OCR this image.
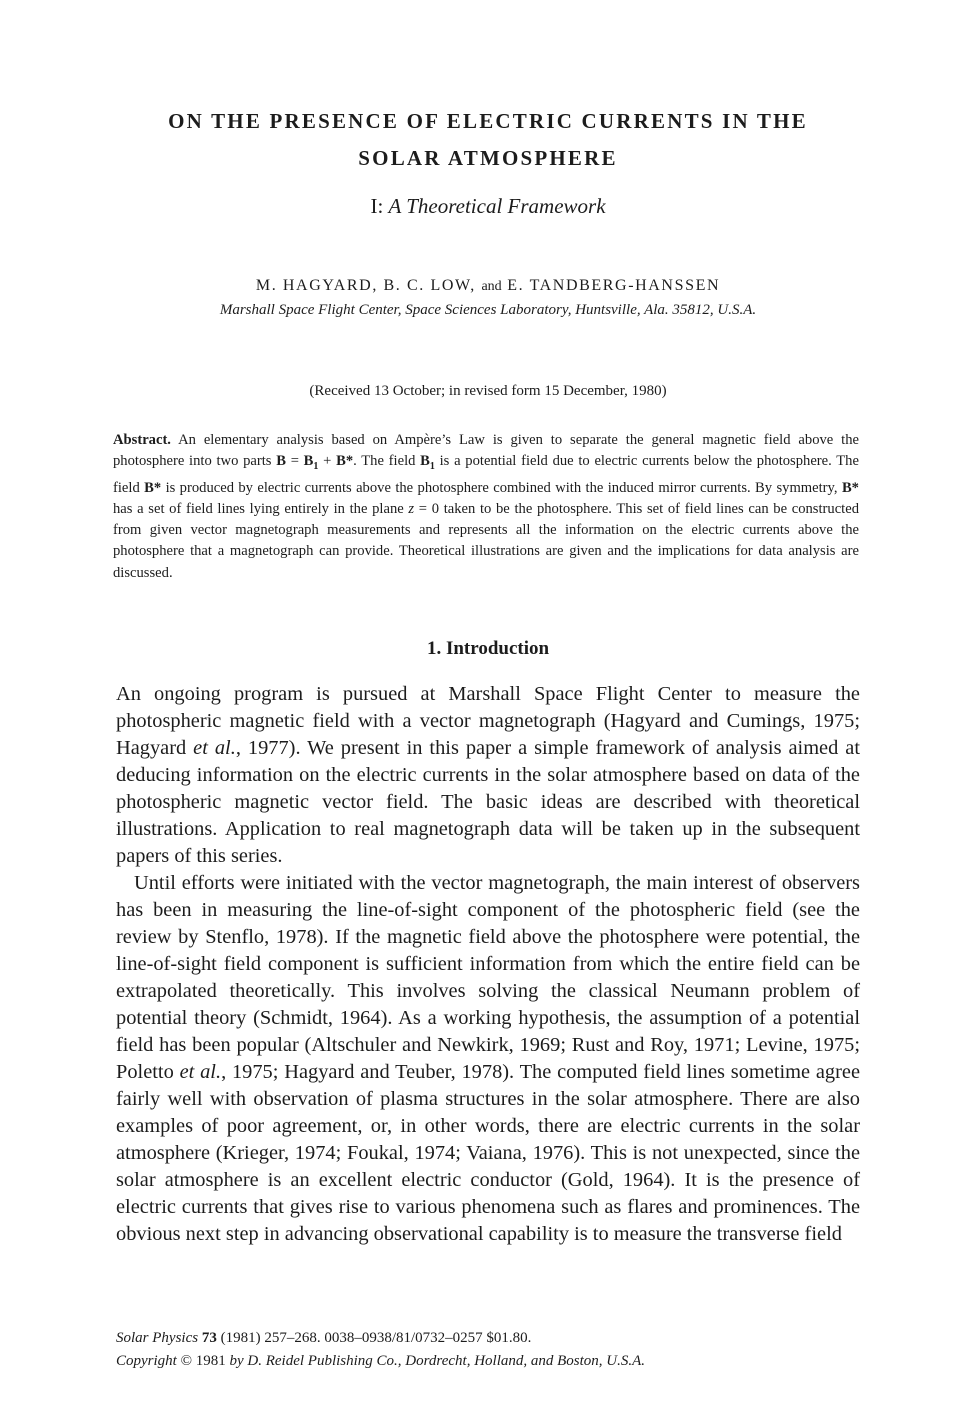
ON THE PRESENCE OF ELECTRIC CURRENTS IN THE
SOLAR ATMOSPHERE
I: A Theoretical Framework
M. HAGYARD, B. C. LOW, and E. TANDBERG-HANSSEN
Marshall Space Flight Center, Space Sciences Laboratory, Huntsville, Ala. 35812, U.S.A.
(Received 13 October; in revised form 15 December, 1980)
Abstract. An elementary analysis based on Ampère’s Law is given to separate the general magnetic field above the photosphere into two parts $B = B_1 + B*$. The field $B_1$ is a potential field due to electric currents below the photosphere. The field B* is produced by electric currents above the photosphere combined with the induced mirror currents. By symmetry, B* has a set of field lines lying entirely in the plane z = 0 taken to be the photosphere. This set of field lines can be constructed from given vector magnetograph measurements and represents all the information on the electric currents above the photosphere that a magnetograph can provide. Theoretical illustrations are given and the implications for data analysis are discussed.
1. Introduction

An ongoing program is pursued at Marshall Space Flight Center to measure the photospheric magnetic field with a vector magnetograph (Hagyard and Cumings, 1975; Hagyard et al., 1977). We present in this paper a simple framework of analysis aimed at deducing information on the electric currents in the solar atmosphere based on data of the photospheric magnetic vector field. The basic ideas are described with theoretical illustrations. Application to real magnetograph data will be taken up in the subsequent papers of this series.

Until efforts were initiated with the vector magnetograph, the main interest of observers has been in measuring the line-of-sight component of the photospheric field (see the review by Stenflo, 1978). If the magnetic field above the photosphere were potential, the line-of-sight field component is sufficient information from which the entire field can be extrapolated theoretically. This involves solving the classical Neumann problem of potential theory (Schmidt, 1964). As a working hypothesis, the assumption of a potential field has been popular (Altschuler and Newkirk, 1969; Rust and Roy, 1971; Levine, 1975; Poletto et al., 1975; Hagyard and Teuber, 1978). The computed field lines sometime agree fairly well with observation of plasma structures in the solar atmosphere. There are also examples of poor agreement, or, in other words, there are electric currents in the solar atmosphere (Krieger, 1974; Foukal, 1974; Vaiana, 1976). This is not unexpected, since the solar atmosphere is an excellent electric conductor (Gold, 1964). It is the presence of electric currents that gives rise to various phenomena such as flares and prominences. The obvious next step in advancing observational capability is to measure the transverse field

Solar Physics 73 (1981) 257–268. 0038–0938/81/0732–0257 $01.80.
Copyright © 1981 by D. Reidel Publishing Co., Dordrecht, Holland, and Boston, U.S.A.
